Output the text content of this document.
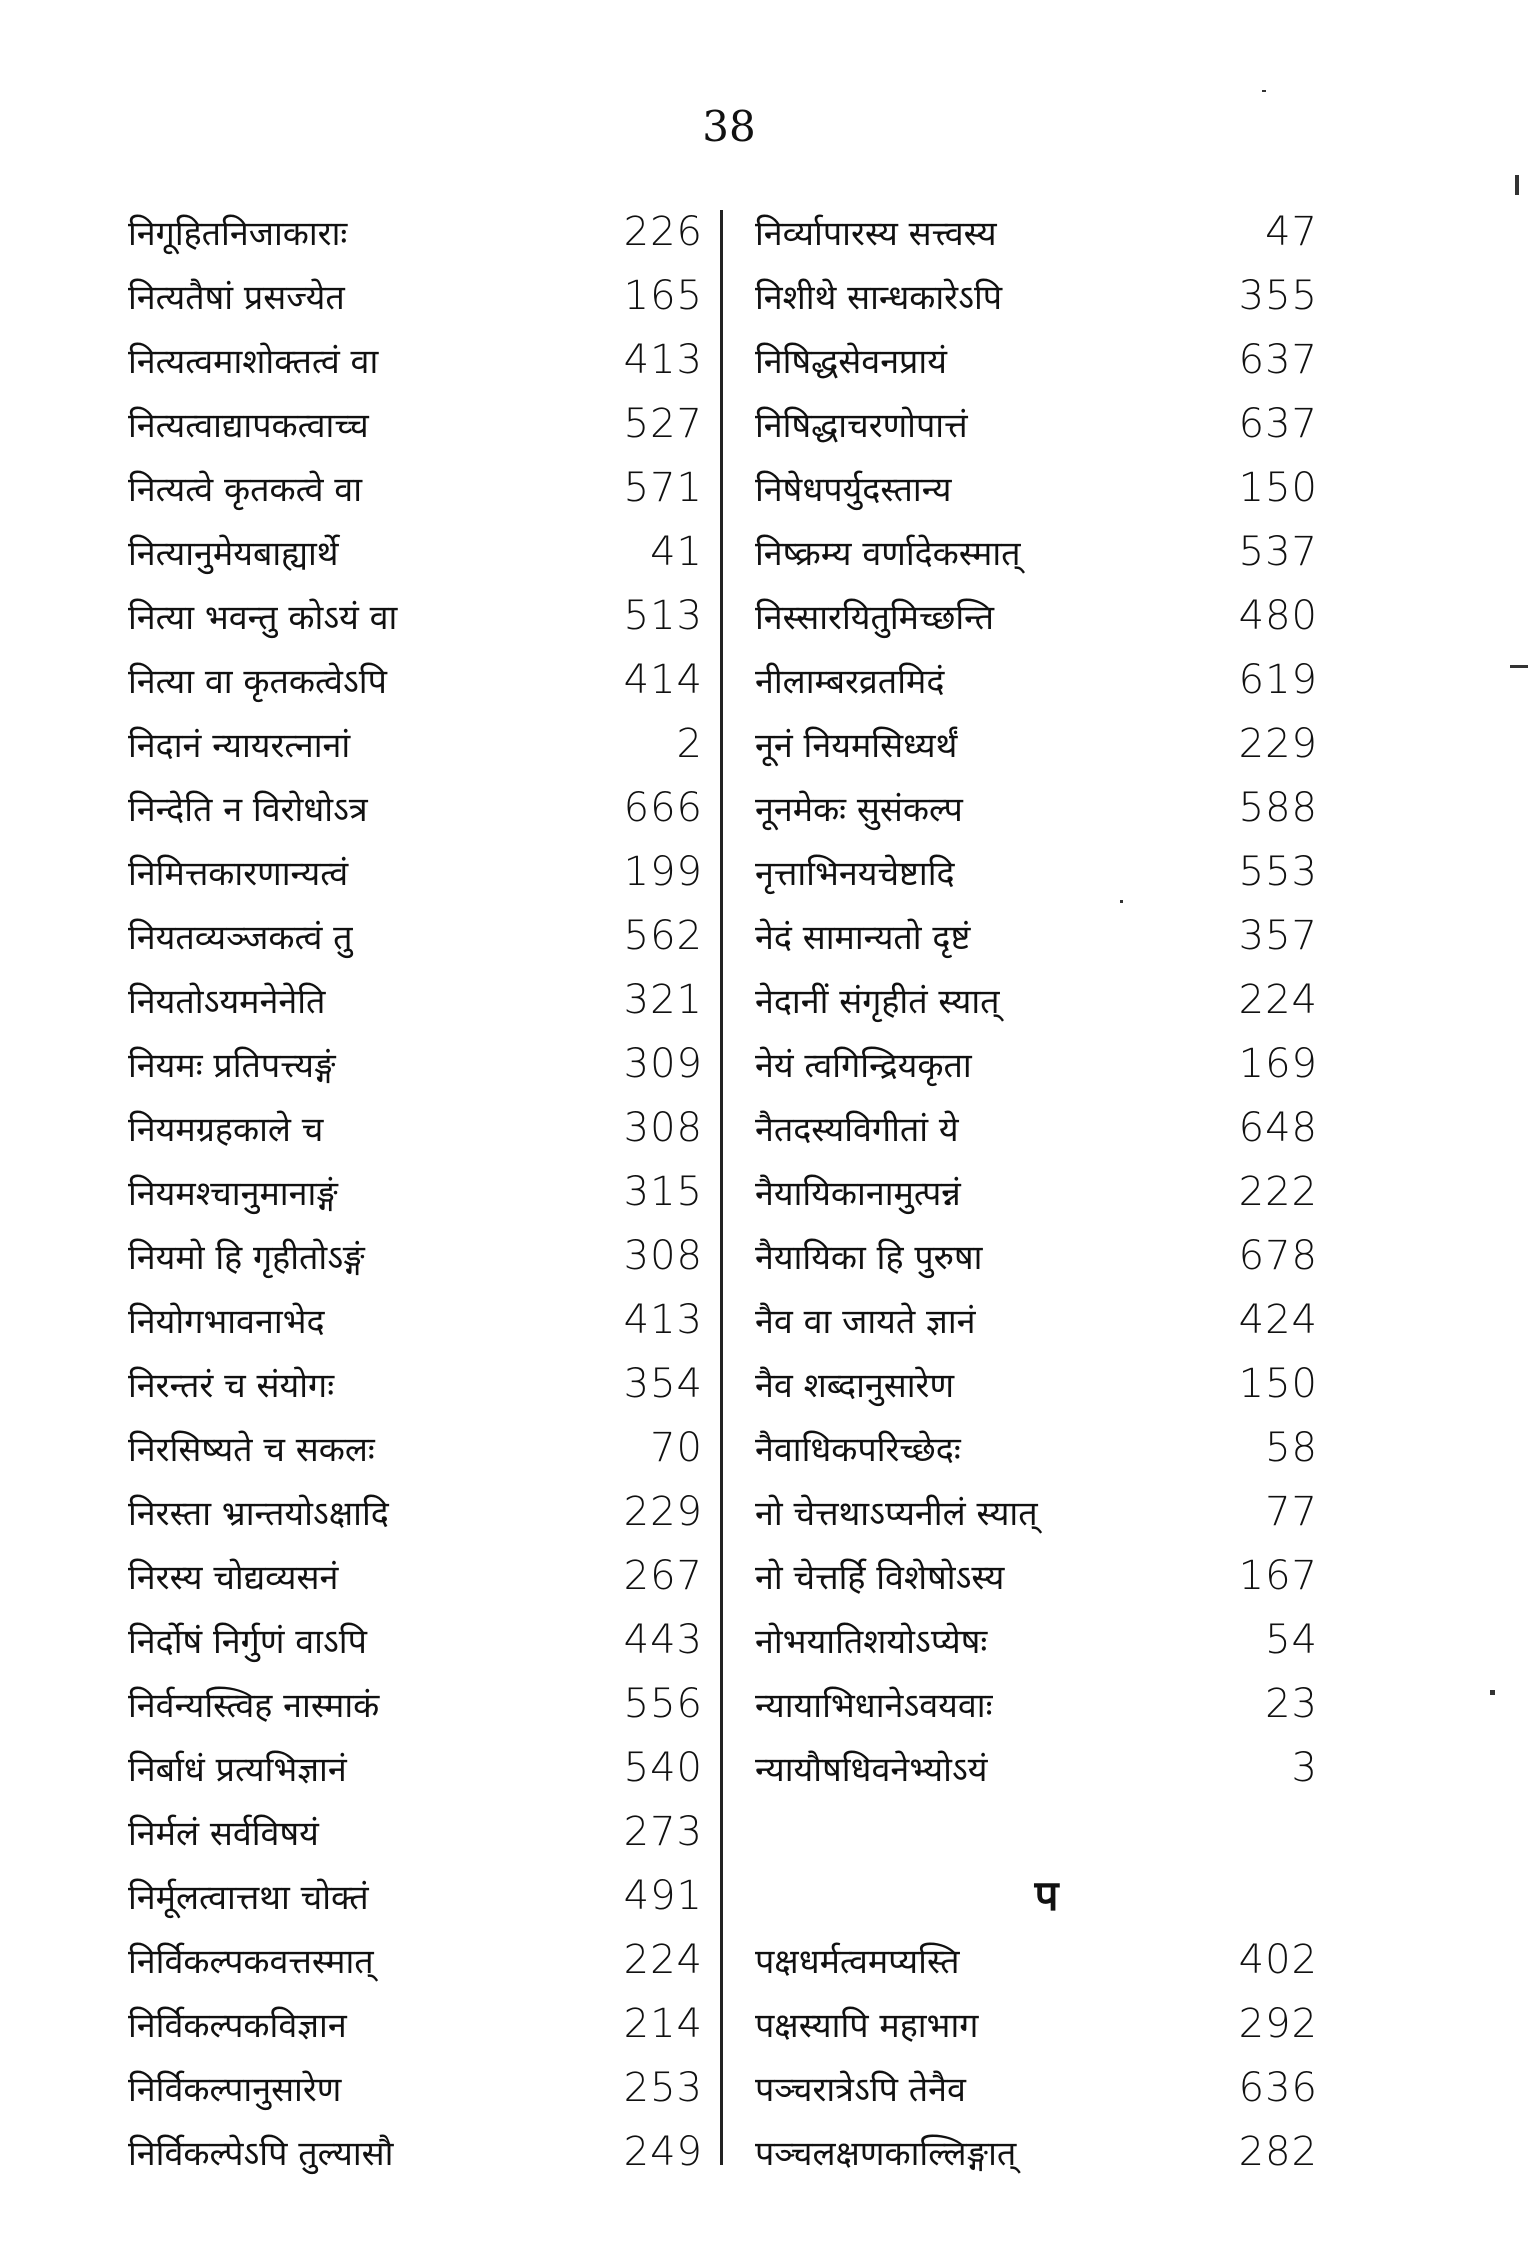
38
निगूहितनिजाकाराः	226
नित्यतैषां प्रसज्येत	165
नित्यत्वमाशोक्तत्वं वा	413
नित्यत्वाद्यापकत्वाच्च	527
नित्यत्वे कृतकत्वे वा	571
नित्यानुमेयबाह्यार्थे	41
नित्या भवन्तु कोऽयं वा	513
नित्या वा कृतकत्वेऽपि	414
निदानं न्यायरत्नानां	2
निन्देति न विरोधोऽत्र	666
निमित्तकारणान्यत्वं	199
नियतव्यञ्जकत्वं तु	562
नियतोऽयमनेनेति	321
नियमः प्रतिपत्त्यङ्गं	309
नियमग्रहकाले च	308
नियमश्चानुमानाङ्गं	315
नियमो हि गृहीतोऽङ्गं	308
नियोगभावनाभेद	413
निरन्तरं च संयोगः	354
निरसिष्यते च सकलः	70
निरस्ता भ्रान्तयोऽक्षादि	229
निरस्य चोद्यव्यसनं	267
निर्दोषं निर्गुणं वाऽपि	443
निर्वन्यस्त्विह नास्माकं	556
निर्बाधं प्रत्यभिज्ञानं	540
निर्मलं सर्वविषयं	273
निर्मूलत्वात्तथा चोक्तं	491
निर्विकल्पकवत्तस्मात्	224
निर्विकल्पकविज्ञान	214
निर्विकल्पानुसारेण	253
निर्विकल्पेऽपि तुल्यासौ	249
निर्व्यापारस्य सत्त्वस्य	47
निशीथे सान्धकारेऽपि	355
निषिद्धसेवनप्रायं	637
निषिद्धाचरणोपात्तं	637
निषेधपर्युदस्तान्य	150
निष्क्रम्य वर्णादेकस्मात्	537
निस्सारयितुमिच्छन्ति	480
नीलाम्बरव्रतमिदं	619
नूनं नियमसिध्यर्थं	229
नूनमेकः सुसंकल्प	588
नृत्ताभिनयचेष्टादि	553
नेदं सामान्यतो दृष्टं	357
नेदानीं संगृहीतं स्यात्	224
नेयं त्वगिन्द्रियकृता	169
नैतदस्यविगीतां ये	648
नैयायिकानामुत्पन्नं	222
नैयायिका हि पुरुषा	678
नैव वा जायते ज्ञानं	424
नैव शब्दानुसारेण	150
नैवाधिकपरिच्छेदः	58
नो चेत्तथाऽप्यनीलं स्यात्	77
नो चेत्तर्हि विशेषोऽस्य	167
नोभयातिशयोऽप्येषः	54
न्यायाभिधानेऽवयवाः	23
न्यायौषधिवनेभ्योऽयं	3
प
पक्षधर्मत्वमप्यस्ति	402
पक्षस्यापि महाभाग	292
पञ्चरात्रेऽपि तेनैव	636
पञ्चलक्षणकाल्लिङ्गात्	282
